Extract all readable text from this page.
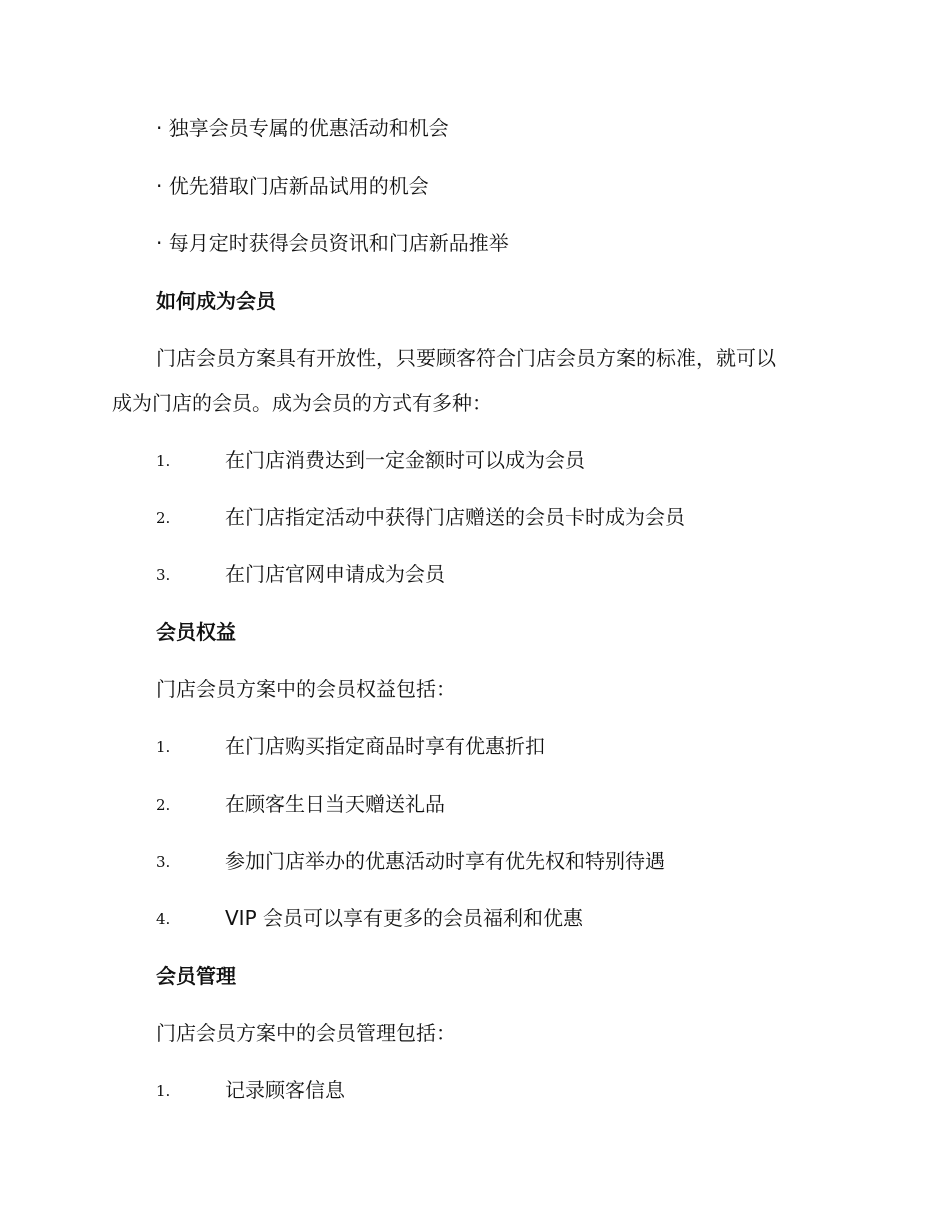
· 独享会员专属的优惠活动和机会
· 优先猎取门店新品试用的机会
· 每月定时获得会员资讯和门店新品推举
如何成为会员
门店会员方案具有开放性，只要顾客符合门店会员方案的标准，就可以
成为门店的会员。成为会员的方式有多种：
1.	在门店消费达到一定金额时可以成为会员
2.	在门店指定活动中获得门店赠送的会员卡时成为会员
3.	在门店官网申请成为会员
会员权益
门店会员方案中的会员权益包括：
1.	在门店购买指定商品时享有优惠折扣
2.	在顾客生日当天赠送礼品
3.	参加门店举办的优惠活动时享有优先权和特别待遇
4.	VIP 会员可以享有更多的会员福利和优惠
会员管理
门店会员方案中的会员管理包括：
1.	记录顾客信息
